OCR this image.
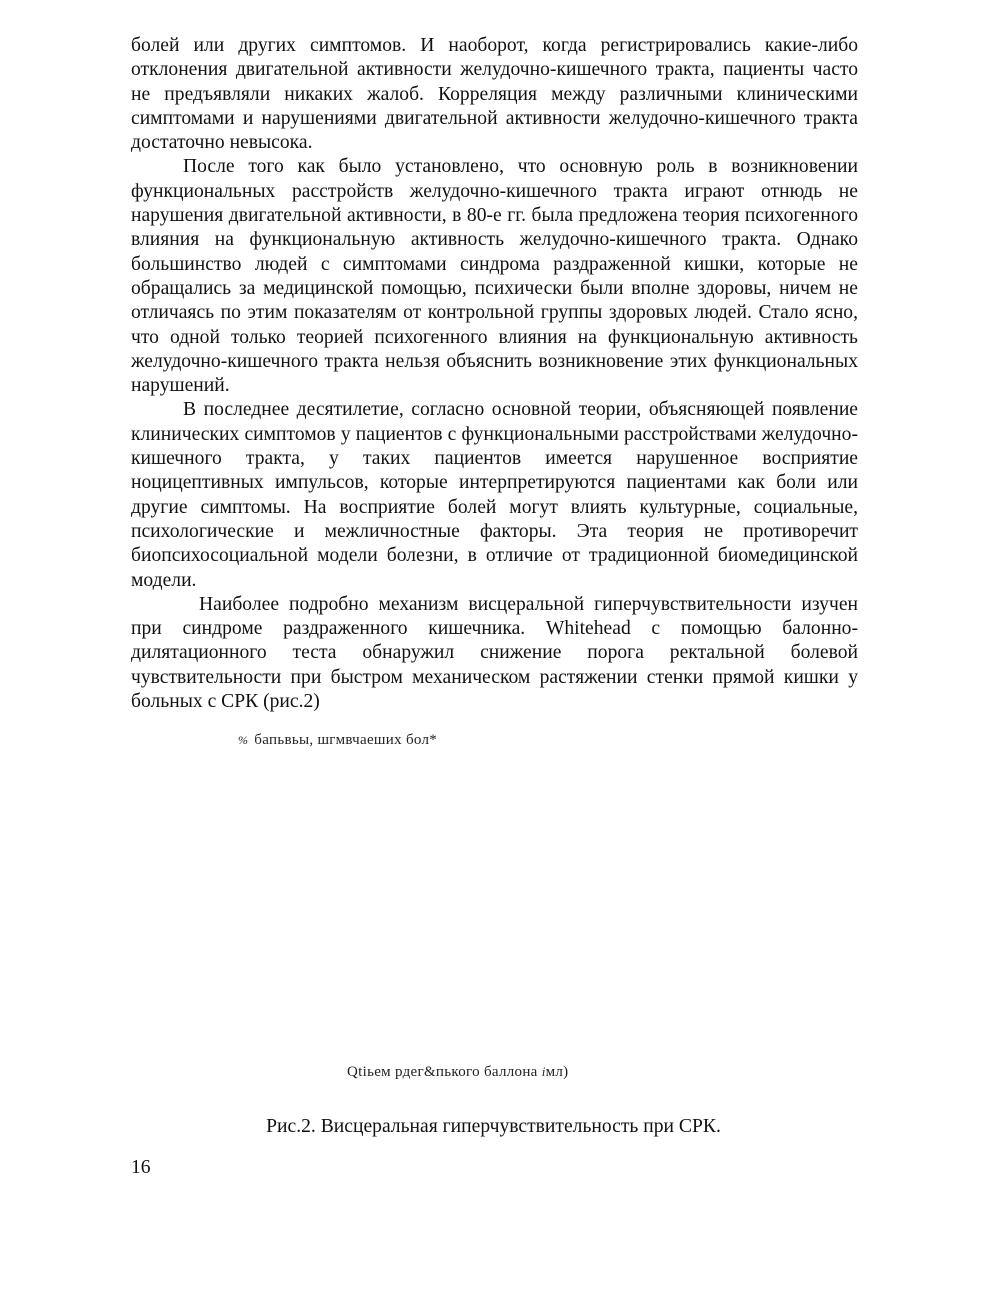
болей или других симптомов. И наоборот, когда регистрировались какие-либо отклонения двигательной активности желудочно-кишечного тракта, пациенты часто не предъявляли никаких жалоб. Корреляция между различными клиническими симптомами и нарушениями двигательной активности желудочно-кишечного тракта достаточно невысока.

После того как было установлено, что основную роль в возникновении функциональных расстройств желудочно-кишечного тракта играют отнюдь не нарушения двигательной активности, в 80-е гг. была предложена теория психогенного влияния на функциональную активность желудочно-кишечного тракта. Однако большинство людей с симптомами синдрома раздраженной кишки, которые не обращались за медицинской помощью, психически были вполне здоровы, ничем не отличаясь по этим показателям от контрольной группы здоровых людей. Стало ясно, что одной только теорией психогенного влияния на функциональную активность желудочно-кишечного тракта нельзя объяснить возникновение этих функциональных нарушений.

В последнее десятилетие, согласно основной теории, объясняющей появление клинических симптомов у пациентов с функциональными расстройствами желудочно-кишечного тракта, у таких пациентов имеется нарушенное восприятие ноцицептивных импульсов, которые интерпретируются пациентами как боли или другие симптомы. На восприятие болей могут влиять культурные, социальные, психологические и межличностные факторы. Эта теория не противоречит биопсихосоциальной модели болезни, в отличие от традиционной биомедицинской модели.

Наиболее подробно механизм висцеральной гиперчувствительности изучен при синдроме раздраженного кишечника. Whitehead с помощью балонно-дилятационного теста обнаружил снижение порога ректальной болевой чувствительности при быстром механическом растяжении стенки прямой кишки у больных с СРК (рис.2)

% бапьвьы, шгмвчаеших бол*
Qtiьем рдег&пького баллона iмл)
Рис.2. Висцеральная гиперчувствительность при СРК.
16
